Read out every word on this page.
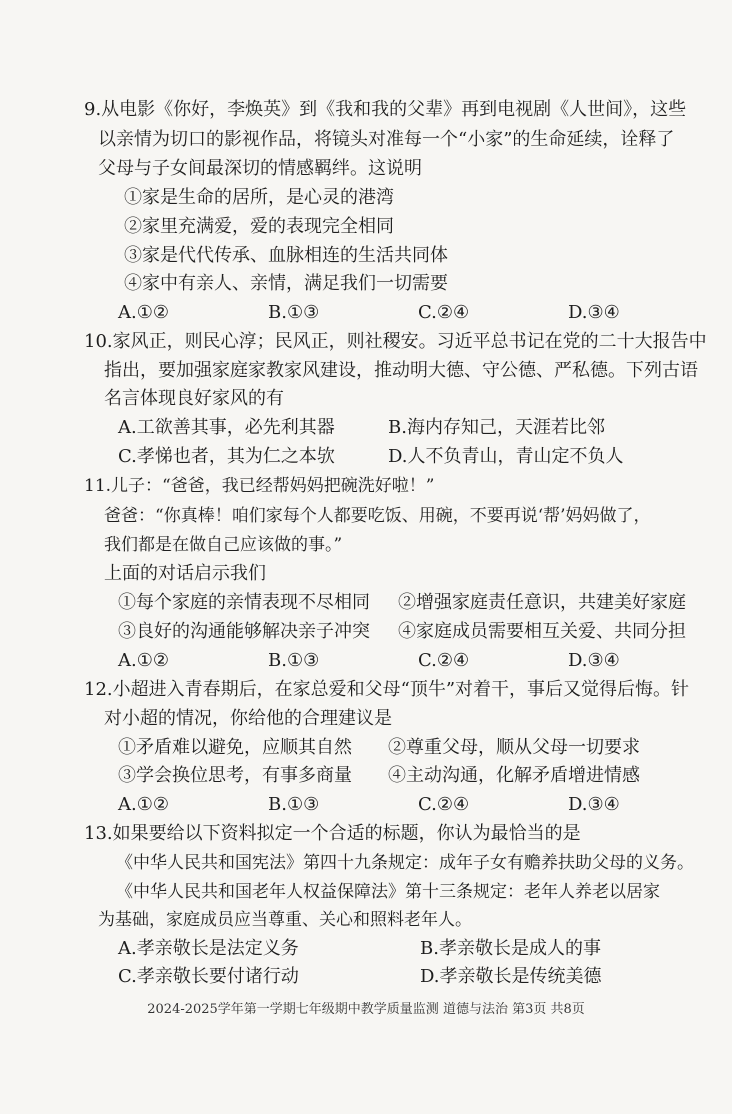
9.从电影《你好，李焕英》到《我和我的父辈》再到电视剧《人世间》，这些
以亲情为切口的影视作品，将镜头对准每一个“小家”的生命延续，诠释了
父母与子女间最深切的情感羁绊。这说明
①家是生命的居所，是心灵的港湾
②家里充满爱，爱的表现完全相同
③家是代代传承、血脉相连的生活共同体
④家中有亲人、亲情，满足我们一切需要
A.①②	B.①③	C.②④	D.③④
10.家风正，则民心淳；民风正，则社稷安。习近平总书记在党的二十大报告中
指出，要加强家庭家教家风建设，推动明大德、守公德、严私德。下列古语
名言体现良好家风的有
A.工欲善其事，必先利其器	B.海内存知己，天涯若比邻
C.孝悌也者，其为仁之本欤	D.人不负青山，青山定不负人
11.儿子：“爸爸，我已经帮妈妈把碗洗好啦！”
爸爸：“你真棒！咱们家每个人都要吃饭、用碗，不要再说‘帮’妈妈做了，
我们都是在做自己应该做的事。”
上面的对话启示我们
①每个家庭的亲情表现不尽相同 ②增强家庭责任意识，共建美好家庭
③良好的沟通能够解决亲子冲突 ④家庭成员需要相互关爱、共同分担
A.①②	B.①③	C.②④	D.③④
12.小超进入青春期后，在家总爱和父母“顶牛”对着干，事后又觉得后悔。针
对小超的情况，你给他的合理建议是
①矛盾难以避免，应顺其自然 ②尊重父母，顺从父母一切要求
③学会换位思考，有事多商量 ④主动沟通，化解矛盾增进情感
A.①②	B.①③	C.②④	D.③④
13.如果要给以下资料拟定一个合适的标题，你认为最恰当的是
《中华人民共和国宪法》第四十九条规定：成年子女有赡养扶助父母的义务。
《中华人民共和国老年人权益保障法》第十三条规定：老年人养老以居家
为基础，家庭成员应当尊重、关心和照料老年人。
A.孝亲敬长是法定义务	B.孝亲敬长是成人的事
C.孝亲敬长要付诸行动	D.孝亲敬长是传统美德
2024-2025学年第一学期七年级期中教学质量监测 道德与法治 第3页 共8页
